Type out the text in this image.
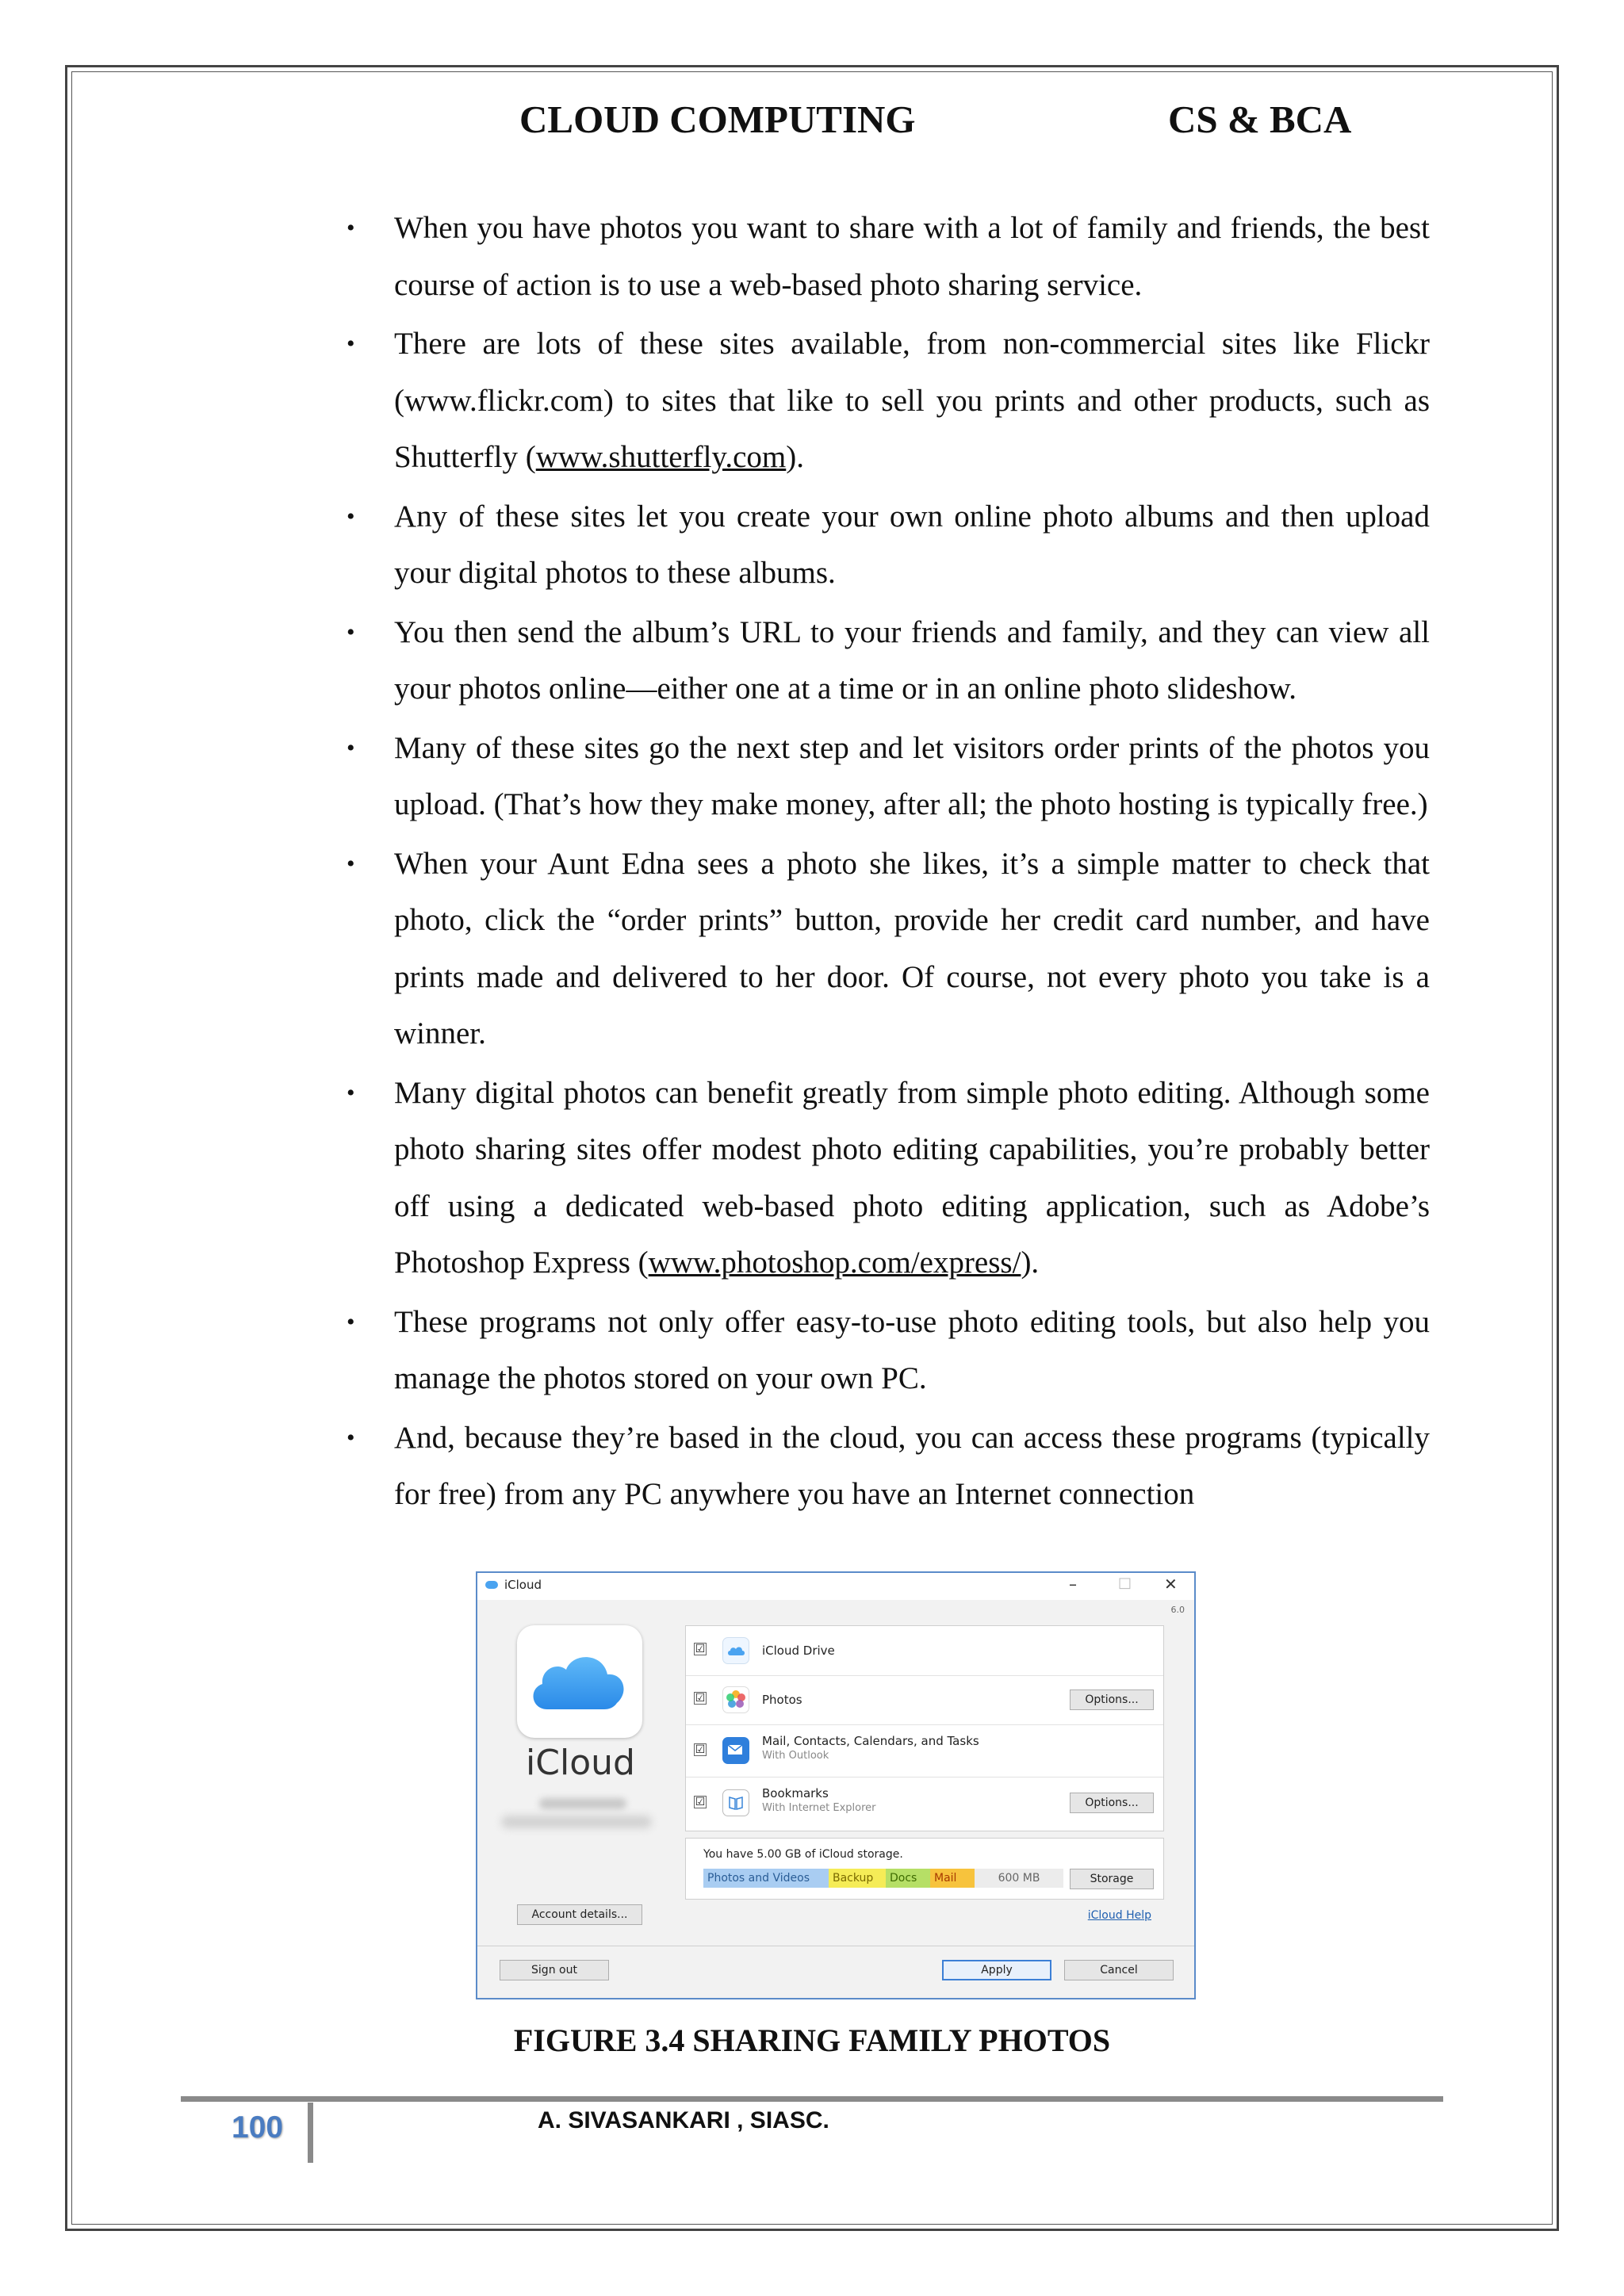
CLOUD COMPUTING	CS & BCA
• When you have photos you want to share with a lot of family and friends, the best course of action is to use a web-based photo sharing service.
• There are lots of these sites available, from non-commercial sites like Flickr (www.flickr.com) to sites that like to sell you prints and other products, such as Shutterfly (www.shutterfly.com).
• Any of these sites let you create your own online photo albums and then upload your digital photos to these albums.
• You then send the album’s URL to your friends and family, and they can view all your photos online—either one at a time or in an online photo slideshow.
• Many of these sites go the next step and let visitors order prints of the photos you upload. (That’s how they make money, after all; the photo hosting is typically free.)
• When your Aunt Edna sees a photo she likes, it’s a simple matter to check that photo, click the “order prints” button, provide her credit card number, and have prints made and delivered to her door. Of course, not every photo you take is a winner.
• Many digital photos can benefit greatly from simple photo editing. Although some photo sharing sites offer modest photo editing capabilities, you’re probably better off using a dedicated web-based photo editing application, such as Adobe’s Photoshop Express (www.photoshop.com/express/).
• These programs not only offer easy-to-use photo editing tools, but also help you manage the photos stored on your own PC.
• And, because they’re based in the cloud, you can access these programs (typically for free) from any PC anywhere you have an Internet connection
iCloud	–	□ ✕
6.0
iCloud
☑	iCloud Drive
☑	Photos	Options...
☑
Mail, Contacts, Calendars, and Tasks
With Outlook
☑
Bookmarks
With Internet Explorer	Options...
You have 5.00 GB of iCloud storage.
Photos and Videos	Backup	Docs	Mail	600 MB	Storage
Account details...	iCloud Help
Sign out	Apply	Cancel
FIGURE 3.4 SHARING FAMILY PHOTOS
100	A. SIVASANKARI , SIASC.
